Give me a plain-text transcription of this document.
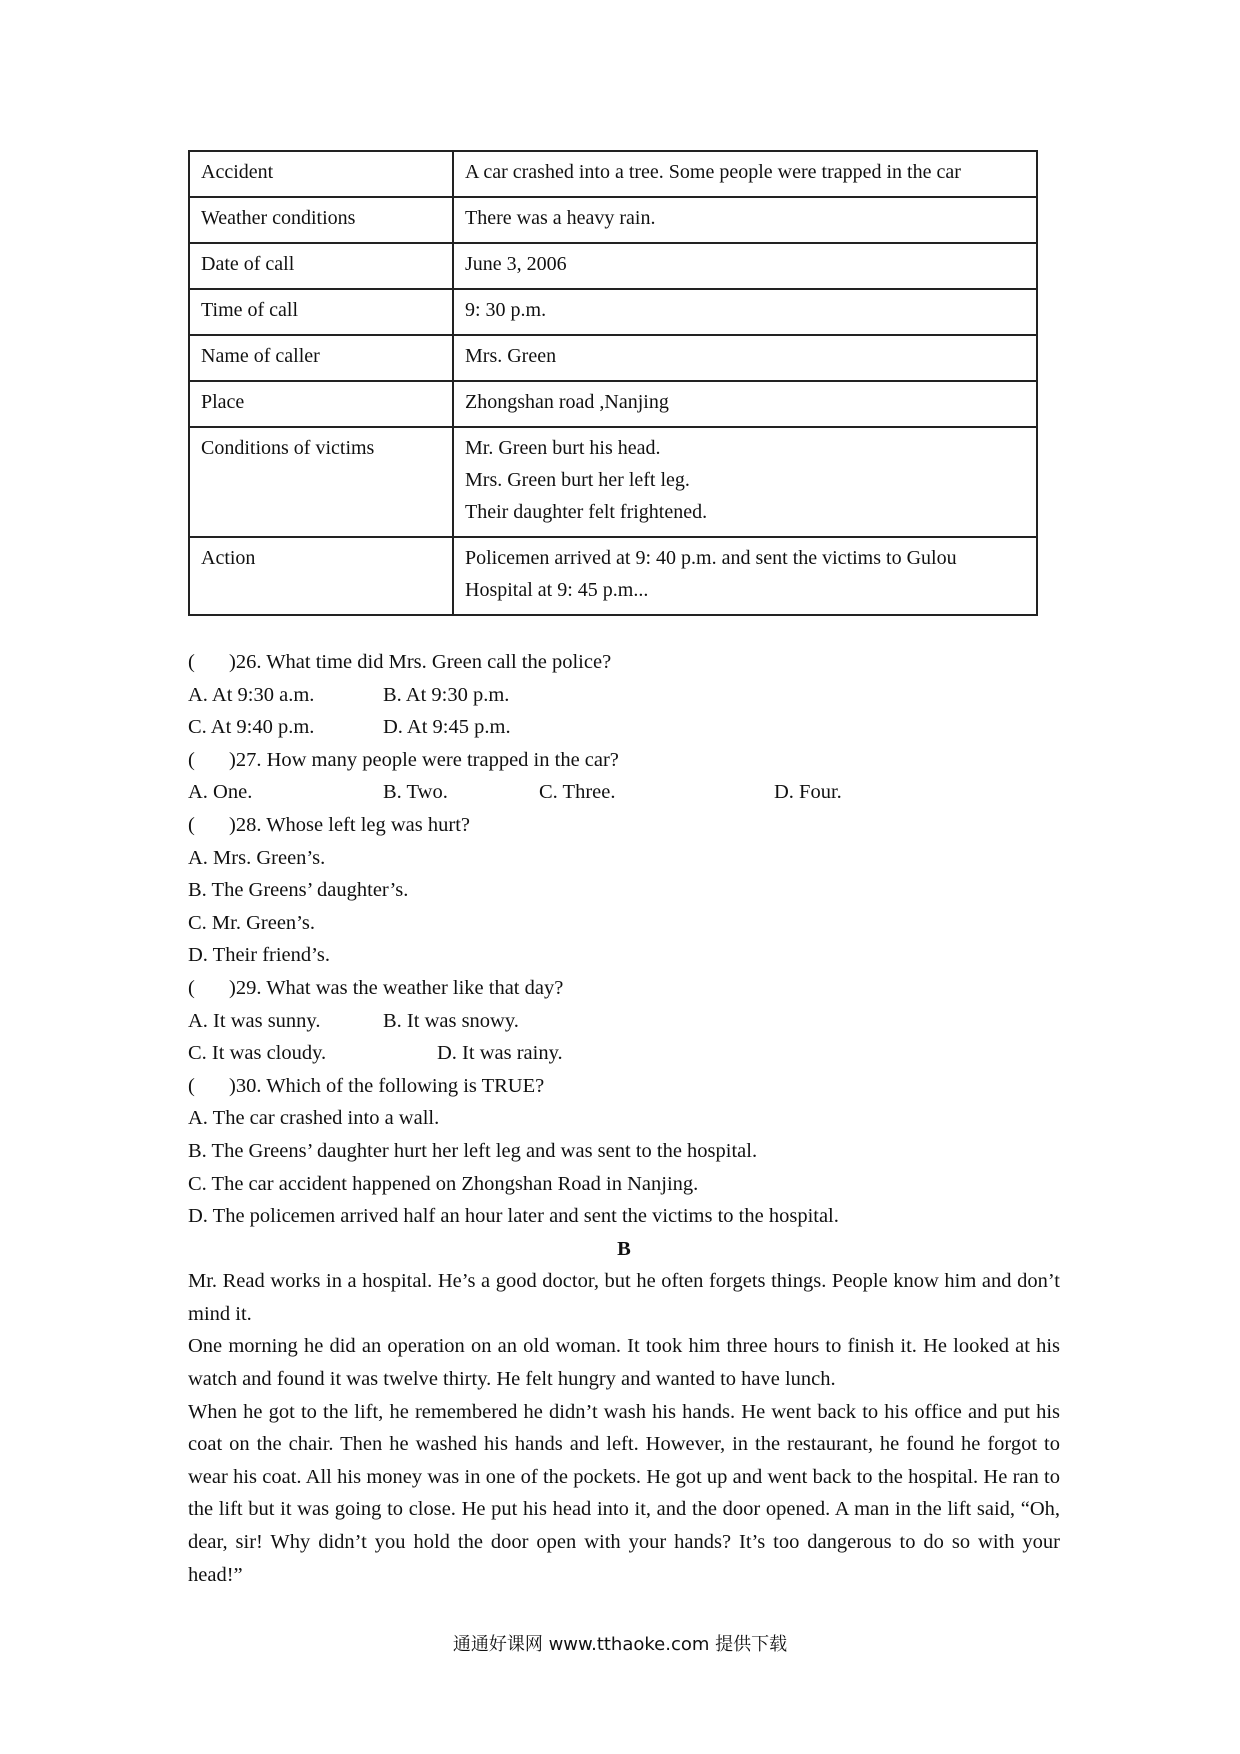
Accident	A car crashed into a tree. Some people were trapped in the car

Weather conditions	There was a heavy rain.

Date of call	June 3, 2006

Time of call	9: 30 p.m.

Name of caller	Mrs. Green

Place	Zhongshan road ,Nanjing

Conditions of victims	Mr. Green burt his head.
Mrs. Green burt her left leg.
Their daughter felt frightened.

Action	Policemen arrived at 9: 40 p.m. and sent the victims to Gulou
Hospital at 9: 45 p.m...
( )26. What time did Mrs. Green call the police?
A. At 9:30 a.m.	B. At 9:30 p.m.
C. At 9:40 p.m.	D. At 9:45 p.m.
( )27. How many people were trapped in the car?
A. One.	B. Two.	C. Three.	D. Four.
( )28. Whose left leg was hurt?
A. Mrs. Green’s.
B. The Greens’ daughter’s.
C. Mr. Green’s.
D. Their friend’s.
( )29. What was the weather like that day?
A. It was sunny.	B. It was snowy.
C. It was cloudy.	D. It was rainy.
( )30. Which of the following is TRUE?
A. The car crashed into a wall.
B. The Greens’ daughter hurt her left leg and was sent to the hospital.
C. The car accident happened on Zhongshan Road in Nanjing.
D. The policemen arrived half an hour later and sent the victims to the hospital.
B

Mr. Read works in a hospital. He’s a good doctor, but he often forgets things. People know him and don’t mind it.

One morning he did an operation on an old woman. It took him three hours to finish it. He looked at his watch and found it was twelve thirty. He felt hungry and wanted to have lunch.

When he got to the lift, he remembered he didn’t wash his hands. He went back to his office and put his coat on the chair. Then he washed his hands and left. However, in the restaurant, he found he forgot to wear his coat. All his money was in one of the pockets. He got up and went back to the hospital. He ran to the lift but it was going to close. He put his head into it, and the door opened. A man in the lift said, “Oh, dear, sir! Why didn’t you hold the door open with your hands? It’s too dangerous to do so with your head!”

通通好课网 www.tthaoke.com 提供下载
